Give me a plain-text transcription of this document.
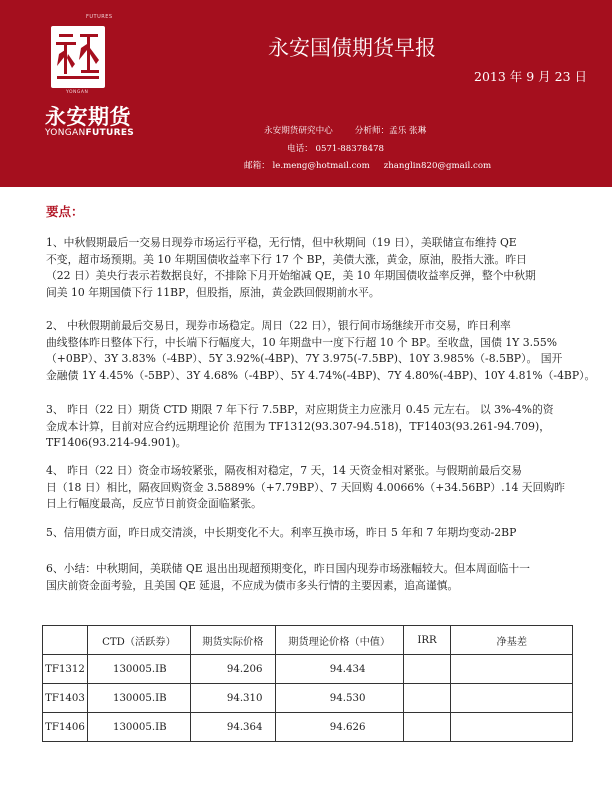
FUTURES
YONGAN
永安期货
YONGANFUTURES
永安国债期货早报
2013 年 9 月 23 日
永安期货研究中心	分析师：孟乐 张琳
电话： 0571-88378478
邮箱： le.meng@hotmail.com zhanglin820@gmail.com
要点：
1、中秋假期最后一交易日现券市场运行平稳，无行情，但中秋期间（19 日），美联储宣布维持 QE
不变，超市场预期。美 10 年期国债收益率下行 17 个 BP，美债大涨，黄金，原油，股指大涨。昨日
（22 日）美央行表示若数据良好，不排除下月开始缩减 QE，美 10 年期国债收益率反弹，整个中秋期
间美 10 年期国债下行 11BP，但股指，原油，黄金跌回假期前水平。
2、 中秋假期前最后交易日，现券市场稳定。周日（22 日），银行间市场继续开市交易，昨日利率
曲线整体昨日整体下行，中长端下行幅度大，10 年期盘中一度下行超 10 个 BP。至收盘，国债 1Y 3.55%
（+0BP）、3Y 3.83%（-4BP）、5Y 3.92%(-4BP)、7Y 3.975(-7.5BP)、10Y 3.985%（-8.5BP）。 国开
金融债 1Y 4.45%（-5BP）、3Y 4.68%（-4BP）、5Y 4.74%(-4BP)、7Y 4.80%(-4BP)、10Y 4.81%（-4BP）。
3、 昨日（22 日）期货 CTD 期限 7 年下行 7.5BP，对应期货主力应涨月 0.45 元左右。 以 3%-4%的资
金成本计算，目前对应合约远期理论价 范围为 TF1312(93.307-94.518)，TF1403(93.261-94.709)，
TF1406(93.214-94.901)。
4、 昨日（22 日）资金市场较紧张，隔夜相对稳定，7 天，14 天资金相对紧张。与假期前最后交易
日（18 日）相比，隔夜回购资金 3.5889%（+7.79BP）、7 天回购 4.0066%（+34.56BP）.14 天回购昨
日上行幅度最高，反应节日前资金面临紧张。
5、信用债方面，昨日成交清淡，中长期变化不大。利率互换市场，昨日 5 年和 7 年期均变动-2BP
6、小结：中秋期间，美联储 QE 退出出现超预期变化，昨日国内现券市场涨幅较大。但本周面临十一
国庆前资金面考验，且美国 QE 延退，不应成为债市多头行情的主要因素，追高谨慎。
	CTD（活跃券）	期货实际价格	期货理论价格（中值）	IRR	净基差
TF1312	130005.IB	94.206	94.434		
TF1403	130005.IB	94.310	94.530		
TF1406	130005.IB	94.364	94.626		
